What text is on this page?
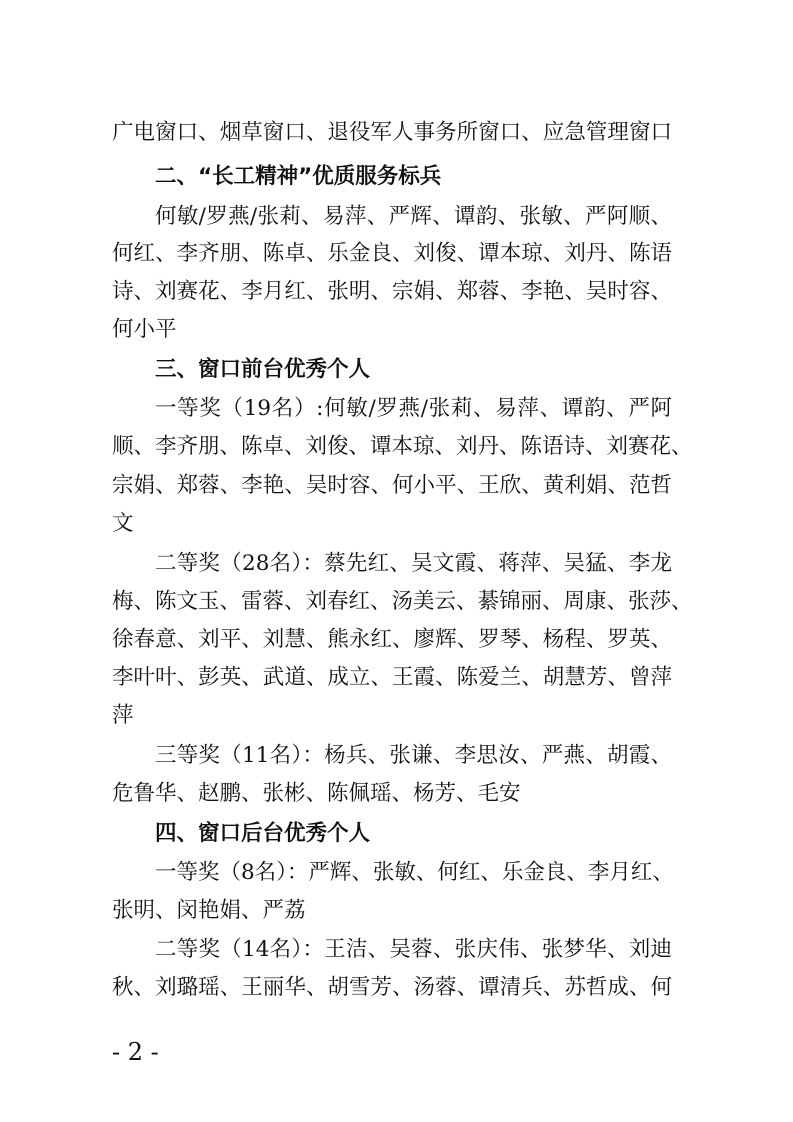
广电窗口、烟草窗口、退役军人事务所窗口、应急管理窗口
二、“长工精神”优质服务标兵
何敏/罗燕/张莉、易萍、严辉、谭韵、张敏、严阿顺、
何红、李齐朋、陈卓、乐金良、刘俊、谭本琼、刘丹、陈语
诗、刘赛花、李月红、张明、宗娟、郑蓉、李艳、吴时容、
何小平
三、窗口前台优秀个人
一等奖（19名）:何敏/罗燕/张莉、易萍、谭韵、严阿
顺、李齐朋、陈卓、刘俊、谭本琼、刘丹、陈语诗、刘赛花、
宗娟、郑蓉、李艳、吴时容、何小平、王欣、黄利娟、范哲
文
二等奖（28名）：蔡先红、吴文霞、蒋萍、吴猛、李龙
梅、陈文玉、雷蓉、刘春红、汤美云、綦锦丽、周康、张莎、
徐春意、刘平、刘慧、熊永红、廖辉、罗琴、杨程、罗英、
李叶叶、彭英、武道、成立、王霞、陈爱兰、胡慧芳、曾萍
萍
三等奖（11名）：杨兵、张谦、李思汝、严燕、胡霞、
危鲁华、赵鹏、张彬、陈佩瑶、杨芳、毛安
四、窗口后台优秀个人
一等奖（8名）：严辉、张敏、何红、乐金良、李月红、
张明、闵艳娟、严荔
二等奖（14名）：王洁、吴蓉、张庆伟、张梦华、刘迪
秋、刘璐瑶、王丽华、胡雪芳、汤蓉、谭清兵、苏哲成、何
- 2 -
